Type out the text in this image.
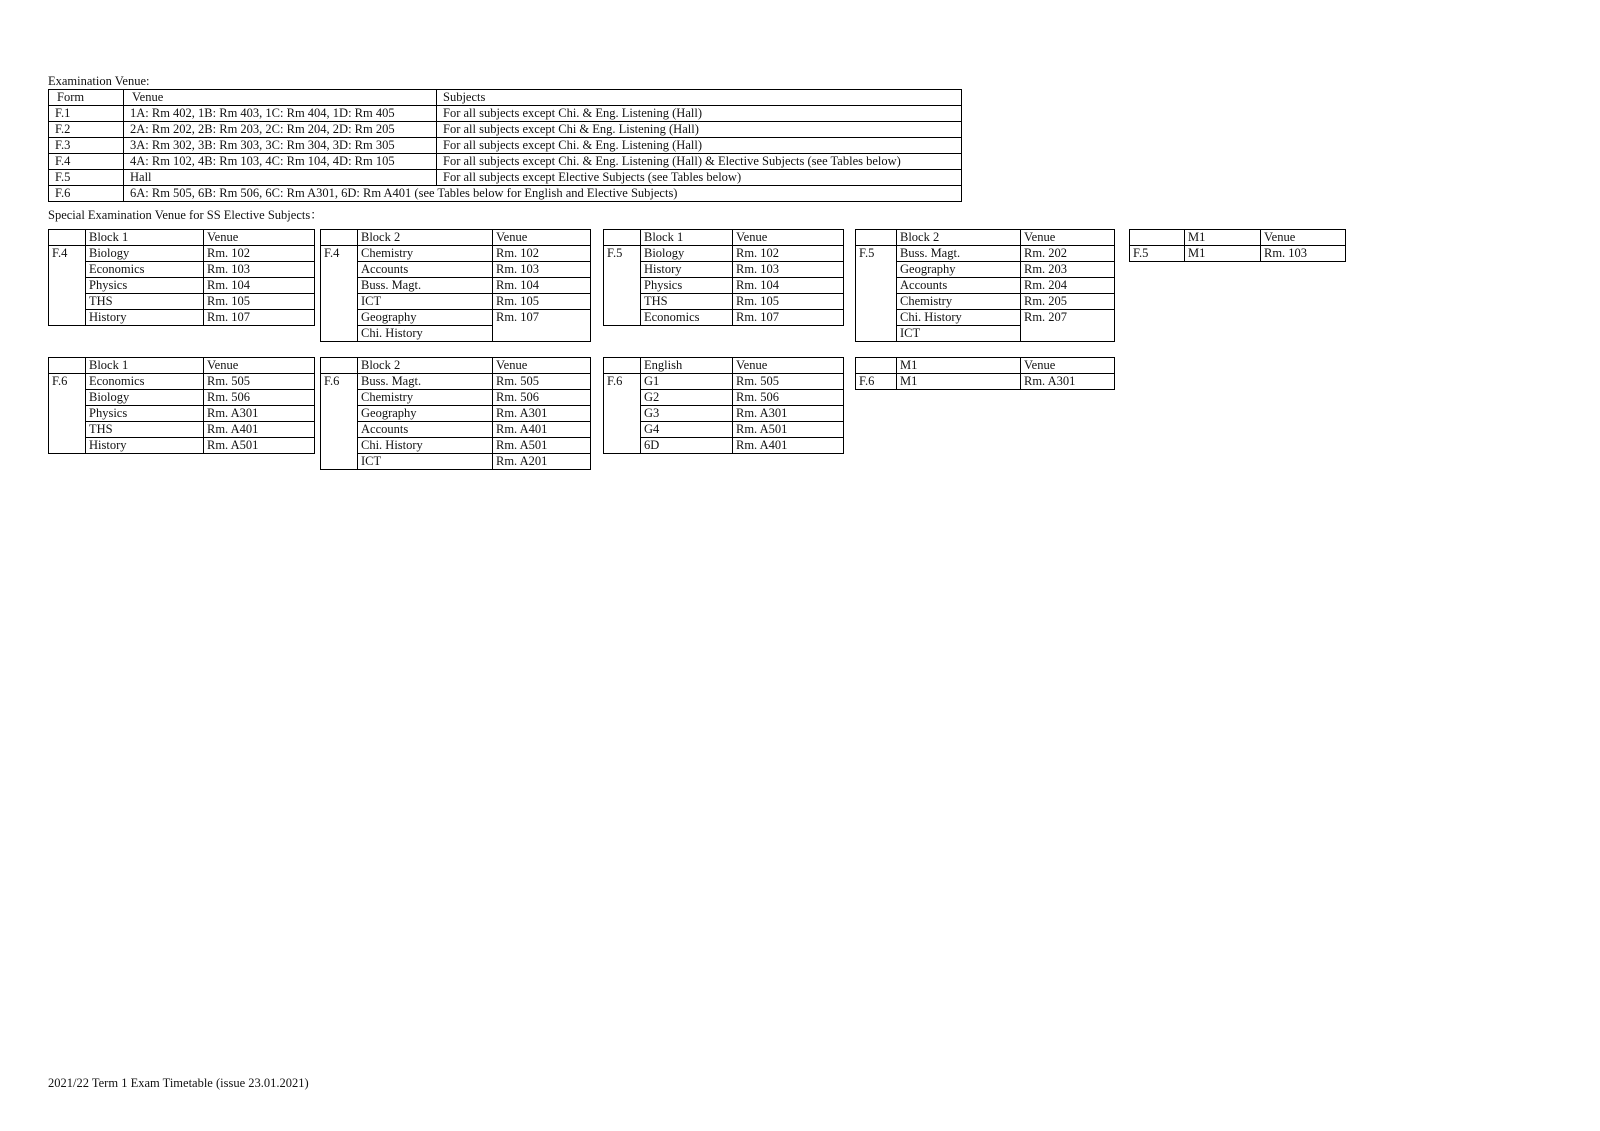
Examination Venue:
Form	Venue	Subjects
F.1	1A: Rm 402, 1B: Rm 403, 1C: Rm 404, 1D: Rm 405	For all subjects except Chi. & Eng. Listening (Hall)
F.2	2A: Rm 202, 2B: Rm 203, 2C: Rm 204, 2D: Rm 205	For all subjects except Chi & Eng. Listening (Hall)
F.3	3A: Rm 302, 3B: Rm 303, 3C: Rm 304, 3D: Rm 305	For all subjects except Chi. & Eng. Listening (Hall)
F.4	4A: Rm 102, 4B: Rm 103, 4C: Rm 104, 4D: Rm 105	For all subjects except Chi. & Eng. Listening (Hall) & Elective Subjects (see Tables below)
F.5	Hall	For all subjects except Elective Subjects (see Tables below)
F.6	6A: Rm 505, 6B: Rm 506, 6C: Rm A301, 6D: Rm A401 (see Tables below for English and Elective Subjects)	
Special Examination Venue for SS Elective Subjects：
	Block 1	Venue
F.4	Biology	Rm. 102
	Economics	Rm. 103
	Physics	Rm. 104
	THS	Rm. 105
	History	Rm. 107
	Block 2	Venue
F.4	Chemistry	Rm. 102
	Accounts	Rm. 103
	Buss. Magt.	Rm. 104
	ICT	Rm. 105
	Geography	Rm. 107
	Chi. History	
	Block 1	Venue
F.5	Biology	Rm. 102
	History	Rm. 103
	Physics	Rm. 104
	THS	Rm. 105
	Economics	Rm. 107
	Block 2	Venue
F.5	Buss. Magt.	Rm. 202
	Geography	Rm. 203
	Accounts	Rm. 204
	Chemistry	Rm. 205
	Chi. History	Rm. 207
	ICT	
	M1	Venue
F.5	M1	Rm. 103
	Block 1	Venue
F.6	Economics	Rm. 505
	Biology	Rm. 506
	Physics	Rm. A301
	THS	Rm. A401
	History	Rm. A501
	Block 2	Venue
F.6	Buss. Magt.	Rm. 505
	Chemistry	Rm. 506
	Geography	Rm. A301
	Accounts	Rm. A401
	Chi. History	Rm. A501
	ICT	Rm. A201
	English	Venue
F.6	G1	Rm. 505
	G2	Rm. 506
	G3	Rm. A301
	G4	Rm. A501
	6D	Rm. A401
	M1	Venue
F.6	M1	Rm. A301
2021/22 Term 1 Exam Timetable (issue 23.01.2021)
